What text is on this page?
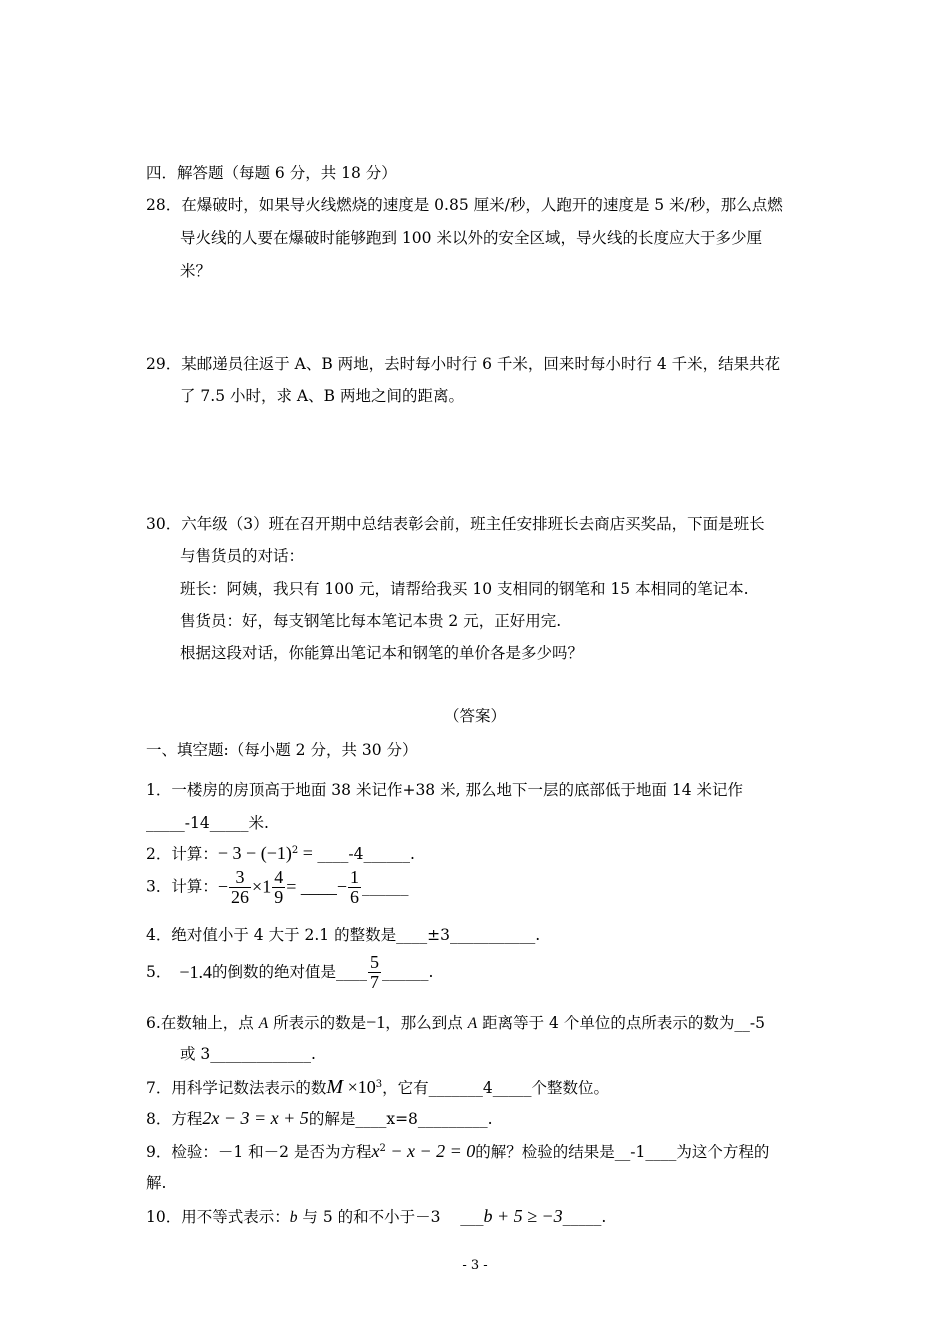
四．解答题（每题 6 分，共 18 分）
28．在爆破时，如果导火线燃烧的速度是 0.85 厘米/秒，人跑开的速度是 5 米/秒，那么点燃
导火线的人要在爆破时能够跑到 100 米以外的安全区域，导火线的长度应大于多少厘
米？
29．某邮递员往返于 A、B 两地，去时每小时行 6 千米，回来时每小时行 4 千米，结果共花
了 7.5 小时，求 A、B 两地之间的距离。
30．六年级（3）班在召开期中总结表彰会前，班主任安排班长去商店买奖品，下面是班长
与售货员的对话：
班长：阿姨，我只有 100 元，请帮给我买 10 支相同的钢笔和 15 本相同的笔记本.
售货员：好，每支钢笔比每本笔记本贵 2 元，正好用完.
根据这段对话，你能算出笔记本和钢笔的单价各是多少吗？
（答案）
一、填空题:（每小题 2 分，共 30 分）
1．一楼房的房顶高于地面 38 米记作+38 米, 那么地下一层的底部低于地面 14 米记作
_____-14_____米.
2．计算：− $3 - (-1)^2$ = ____-4______.
3．计算：− $\frac{3}{26} \times 1 \frac{4}{9}$ = ____− $\frac{1}{6}$ ______
4．绝对值小于 4 大于 2.1 的整数是____±3___________.
5． −1.4的倒数的绝对值是____ $\frac{5}{7}$ ______.
6.在数轴上，点 A 所表示的数是−1，那么到点 A 距离等于 4 个单位的点所表示的数为__-5
或 3_____________.
7．用科学记数法表示的数$M \times 10^3$，它有_______4_____个整数位。
8．方程2x − 3 = x + 5的解是____x=8_________.
9．检验：－1 和－2 是否为方程$x^2 - x - 2 = 0$的解？检验的结果是__-1____为这个方程的
解.
10．用不等式表示：b 与 5 的和不小于－3    ___b + 5 ≥ −3_____.
- 3 -
